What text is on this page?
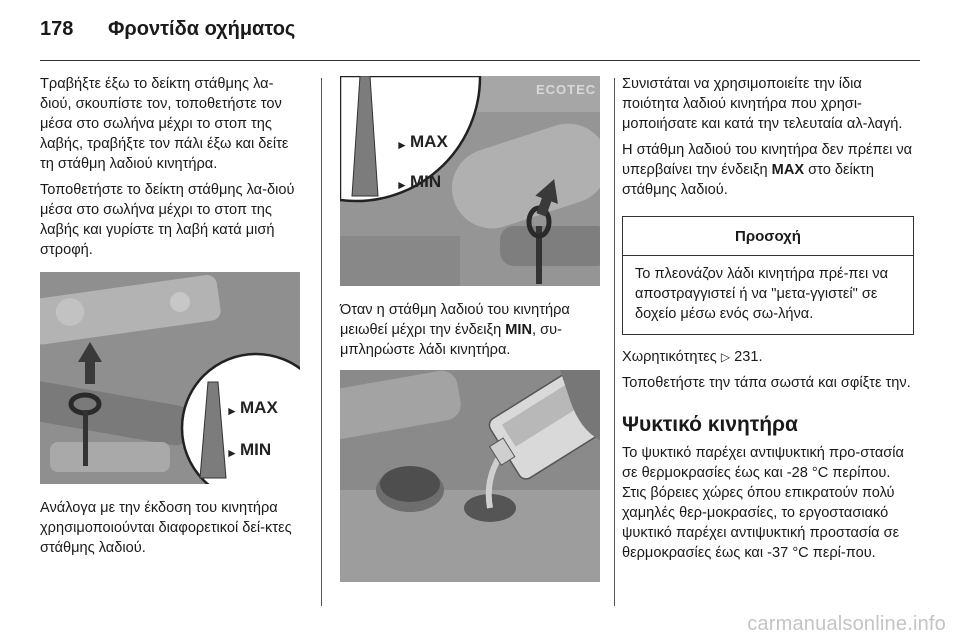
178	Φροντίδα οχήματος

Τραβήξτε έξω το δείκτη στάθμης λα-διού, σκουπίστε τον, τοποθετήστε τον μέσα στο σωλήνα μέχρι το στοπ της λαβής, τραβήξτε τον πάλι έξω και δείτε τη στάθμη λαδιού κινητήρα.

Τοποθετήστε το δείκτη στάθμης λα-διού μέσα στο σωλήνα μέχρι το στοπ της λαβής και γυρίστε τη λαβή κατά μισή στροφή.

► MAX
► MIN

Ανάλογα με την έκδοση του κινητήρα χρησιμοποιούνται διαφορετικοί δεί-κτες στάθμης λαδιού.

ECOTEC
► MAX
► MIN

Όταν η στάθμη λαδιού του κινητήρα μειωθεί μέχρι την ένδειξη MIN, συ-μπληρώστε λάδι κινητήρα.

Συνιστάται να χρησιμοποιείτε την ίδια ποιότητα λαδιού κινητήρα που χρησι-μοποιήσατε και κατά την τελευταία αλ-λαγή.

Η στάθμη λαδιού του κινητήρα δεν πρέπει να υπερβαίνει την ένδειξη MAX στο δείκτη στάθμης λαδιού.

Προσοχή
Το πλεονάζον λάδι κινητήρα πρέ-πει να αποστραγγιστεί ή να "μετα-γγιστεί" σε δοχείο μέσω ενός σω-λήνα.

Χωρητικότητες ▷ 231.

Τοποθετήστε την τάπα σωστά και σφίξτε την.

Ψυκτικό κινητήρα

Το ψυκτικό παρέχει αντιψυκτική προ-στασία σε θερμοκρασίες έως και -28 °C περίπου. Στις βόρειες χώρες όπου επικρατούν πολύ χαμηλές θερ-μοκρασίες, το εργοστασιακό ψυκτικό παρέχει αντιψυκτική προστασία σε θερμοκρασίες έως και -37 °C περί-που.

carmanualsonline.info
